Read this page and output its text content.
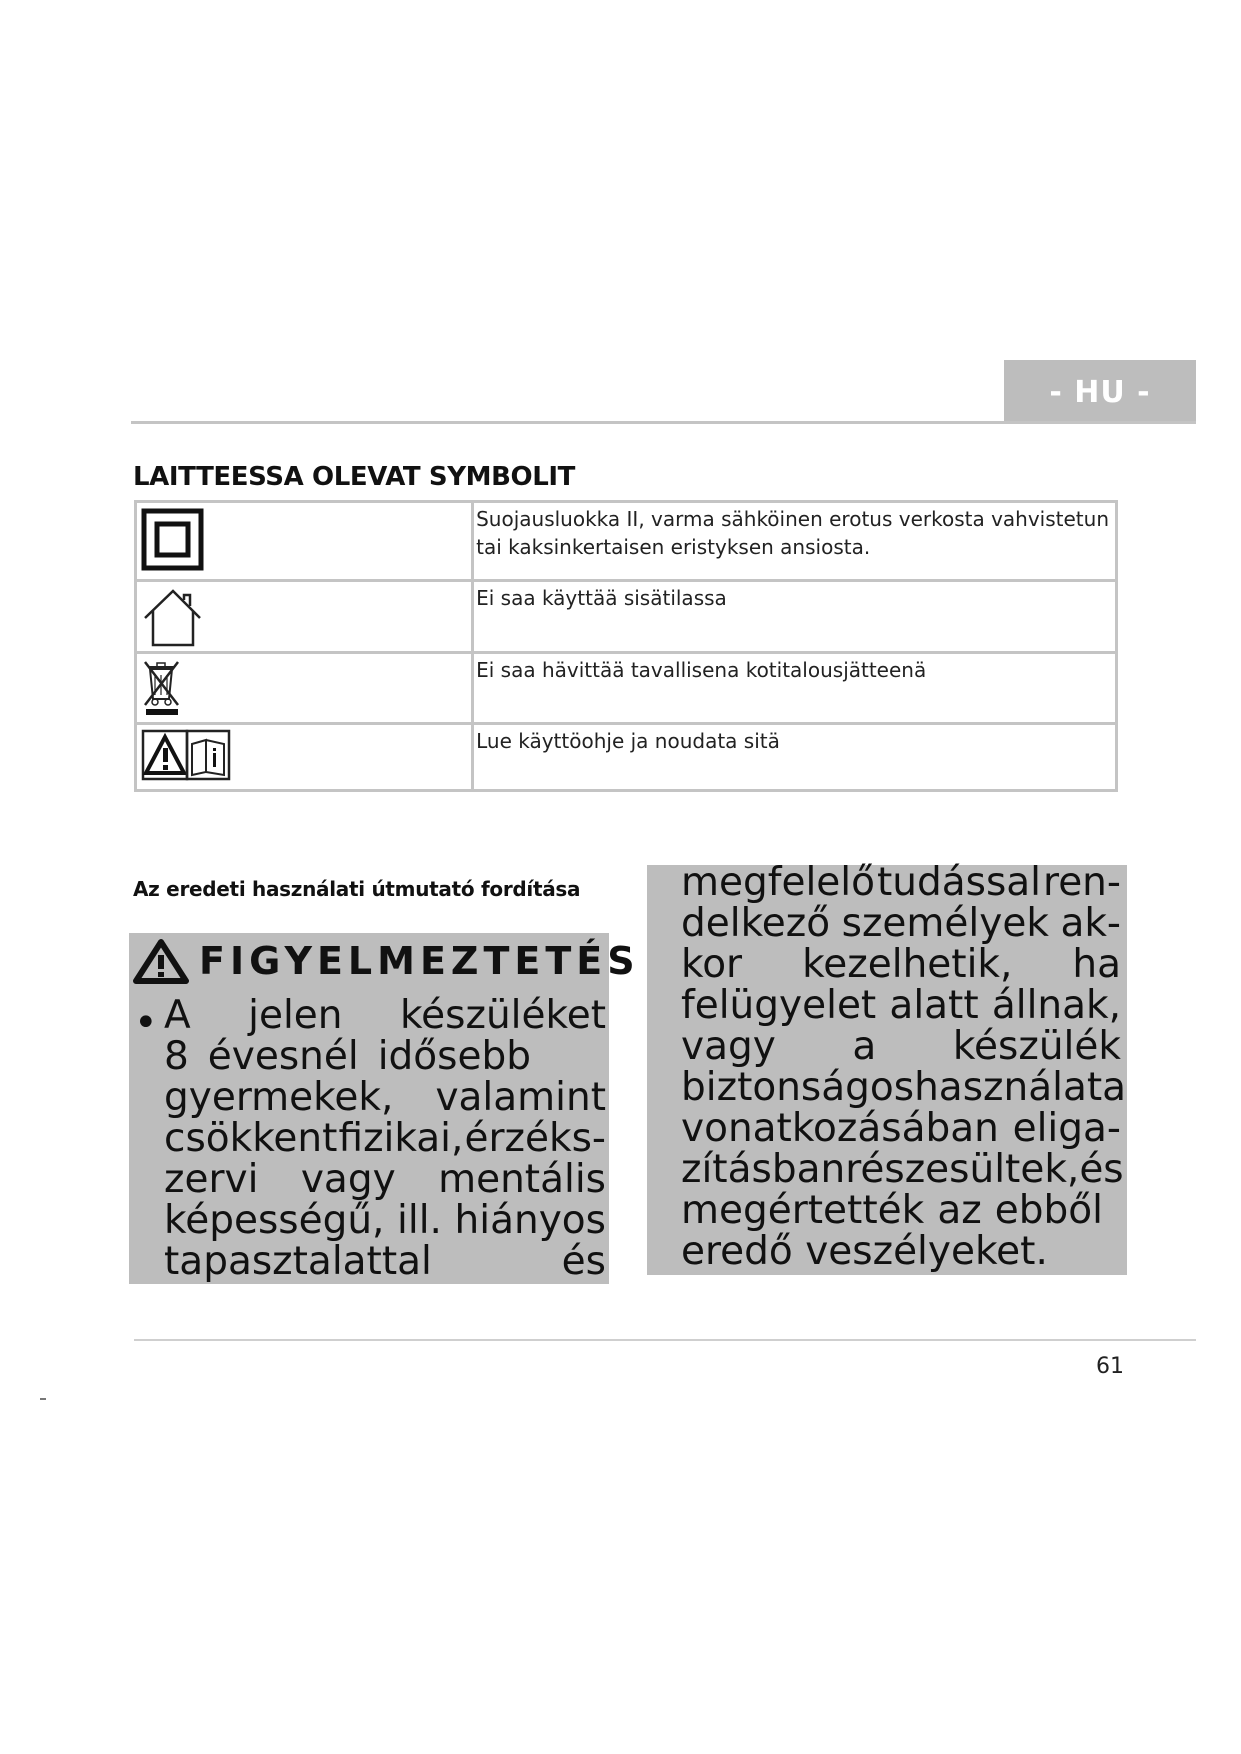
- HU -
LAITTEESSA OLEVAT SYMBOLIT

Suojausluokka II, varma sähköinen erotus verkosta vahvistetun
tai kaksinkertaisen eristyksen ansiosta.

Ei saa käyttää sisätilassa

Ei saa hävittää tavallisena kotitalousjätteenä

Lue käyttöohje ja noudata sitä
Az eredeti használati útmutató fordítása
FIGYELMEZTETÉS
• A jelen készüléket
8 évesnél idősebb
gyermekek, valamint
csökkent fizikai, érzéks-
zervi vagy mentális
képességű, ill. hiányos
tapasztalattal	és
megfelelő tudással ren-
delkező személyek ak-
kor kezelhetik, ha
felügyelet alatt állnak,
vagy a készülék
biztonságos használata
vonatkozásában eliga-
zításban részesültek, és
megértették az ebből
eredő veszélyeket.
61
